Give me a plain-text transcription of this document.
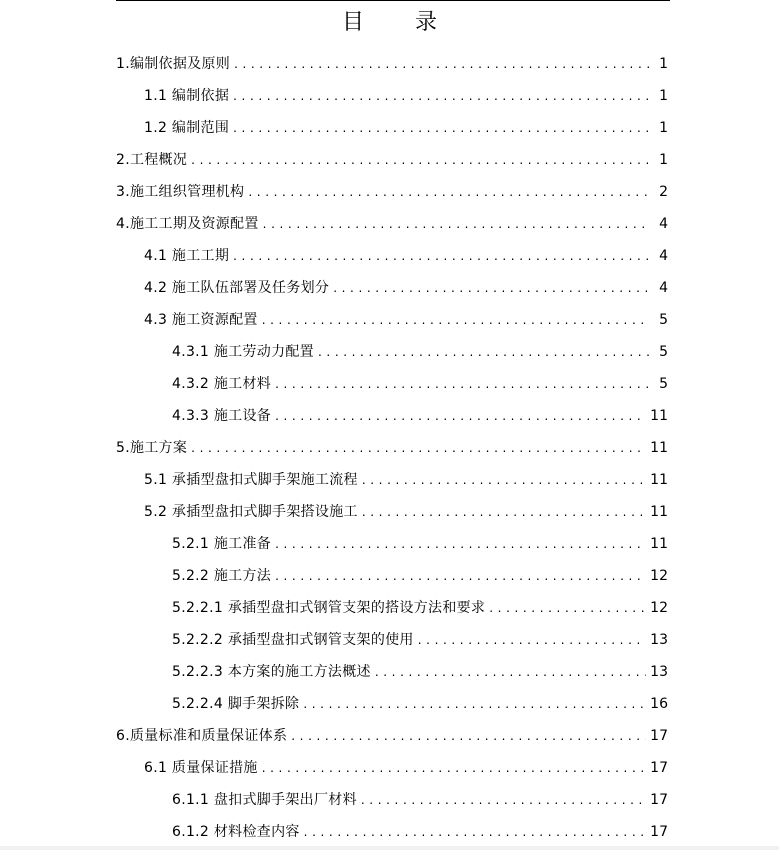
目 录
1.编制依据及原则 .....	1
1.1 编制依据 .....	1
1.2 编制范围 .....	1
2.工程概况 .....	1
3.施工组织管理机构 .....	2
4.施工工期及资源配置 .....	4
4.1 施工工期 .....	4
4.2 施工队伍部署及任务划分 .....	4
4.3 施工资源配置 .....	5
4.3.1 施工劳动力配置 .....	5
4.3.2 施工材料 .....	5
4.3.3 施工设备 .....	11
5.施工方案 .....	11
5.1 承插型盘扣式脚手架施工流程 .....	11
5.2 承插型盘扣式脚手架搭设施工 .....	11
5.2.1 施工准备 .....	11
5.2.2 施工方法 .....	12
5.2.2.1 承插型盘扣式钢管支架的搭设方法和要求 .....	12
5.2.2.2 承插型盘扣式钢管支架的使用 .....	13
5.2.2.3 本方案的施工方法概述 .....	13
5.2.2.4 脚手架拆除 .....	16
6.质量标准和质量保证体系 .....	17
6.1 质量保证措施 .....	17
6.1.1 盘扣式脚手架出厂材料 .....	17
6.1.2 材料检查内容 .....	17
